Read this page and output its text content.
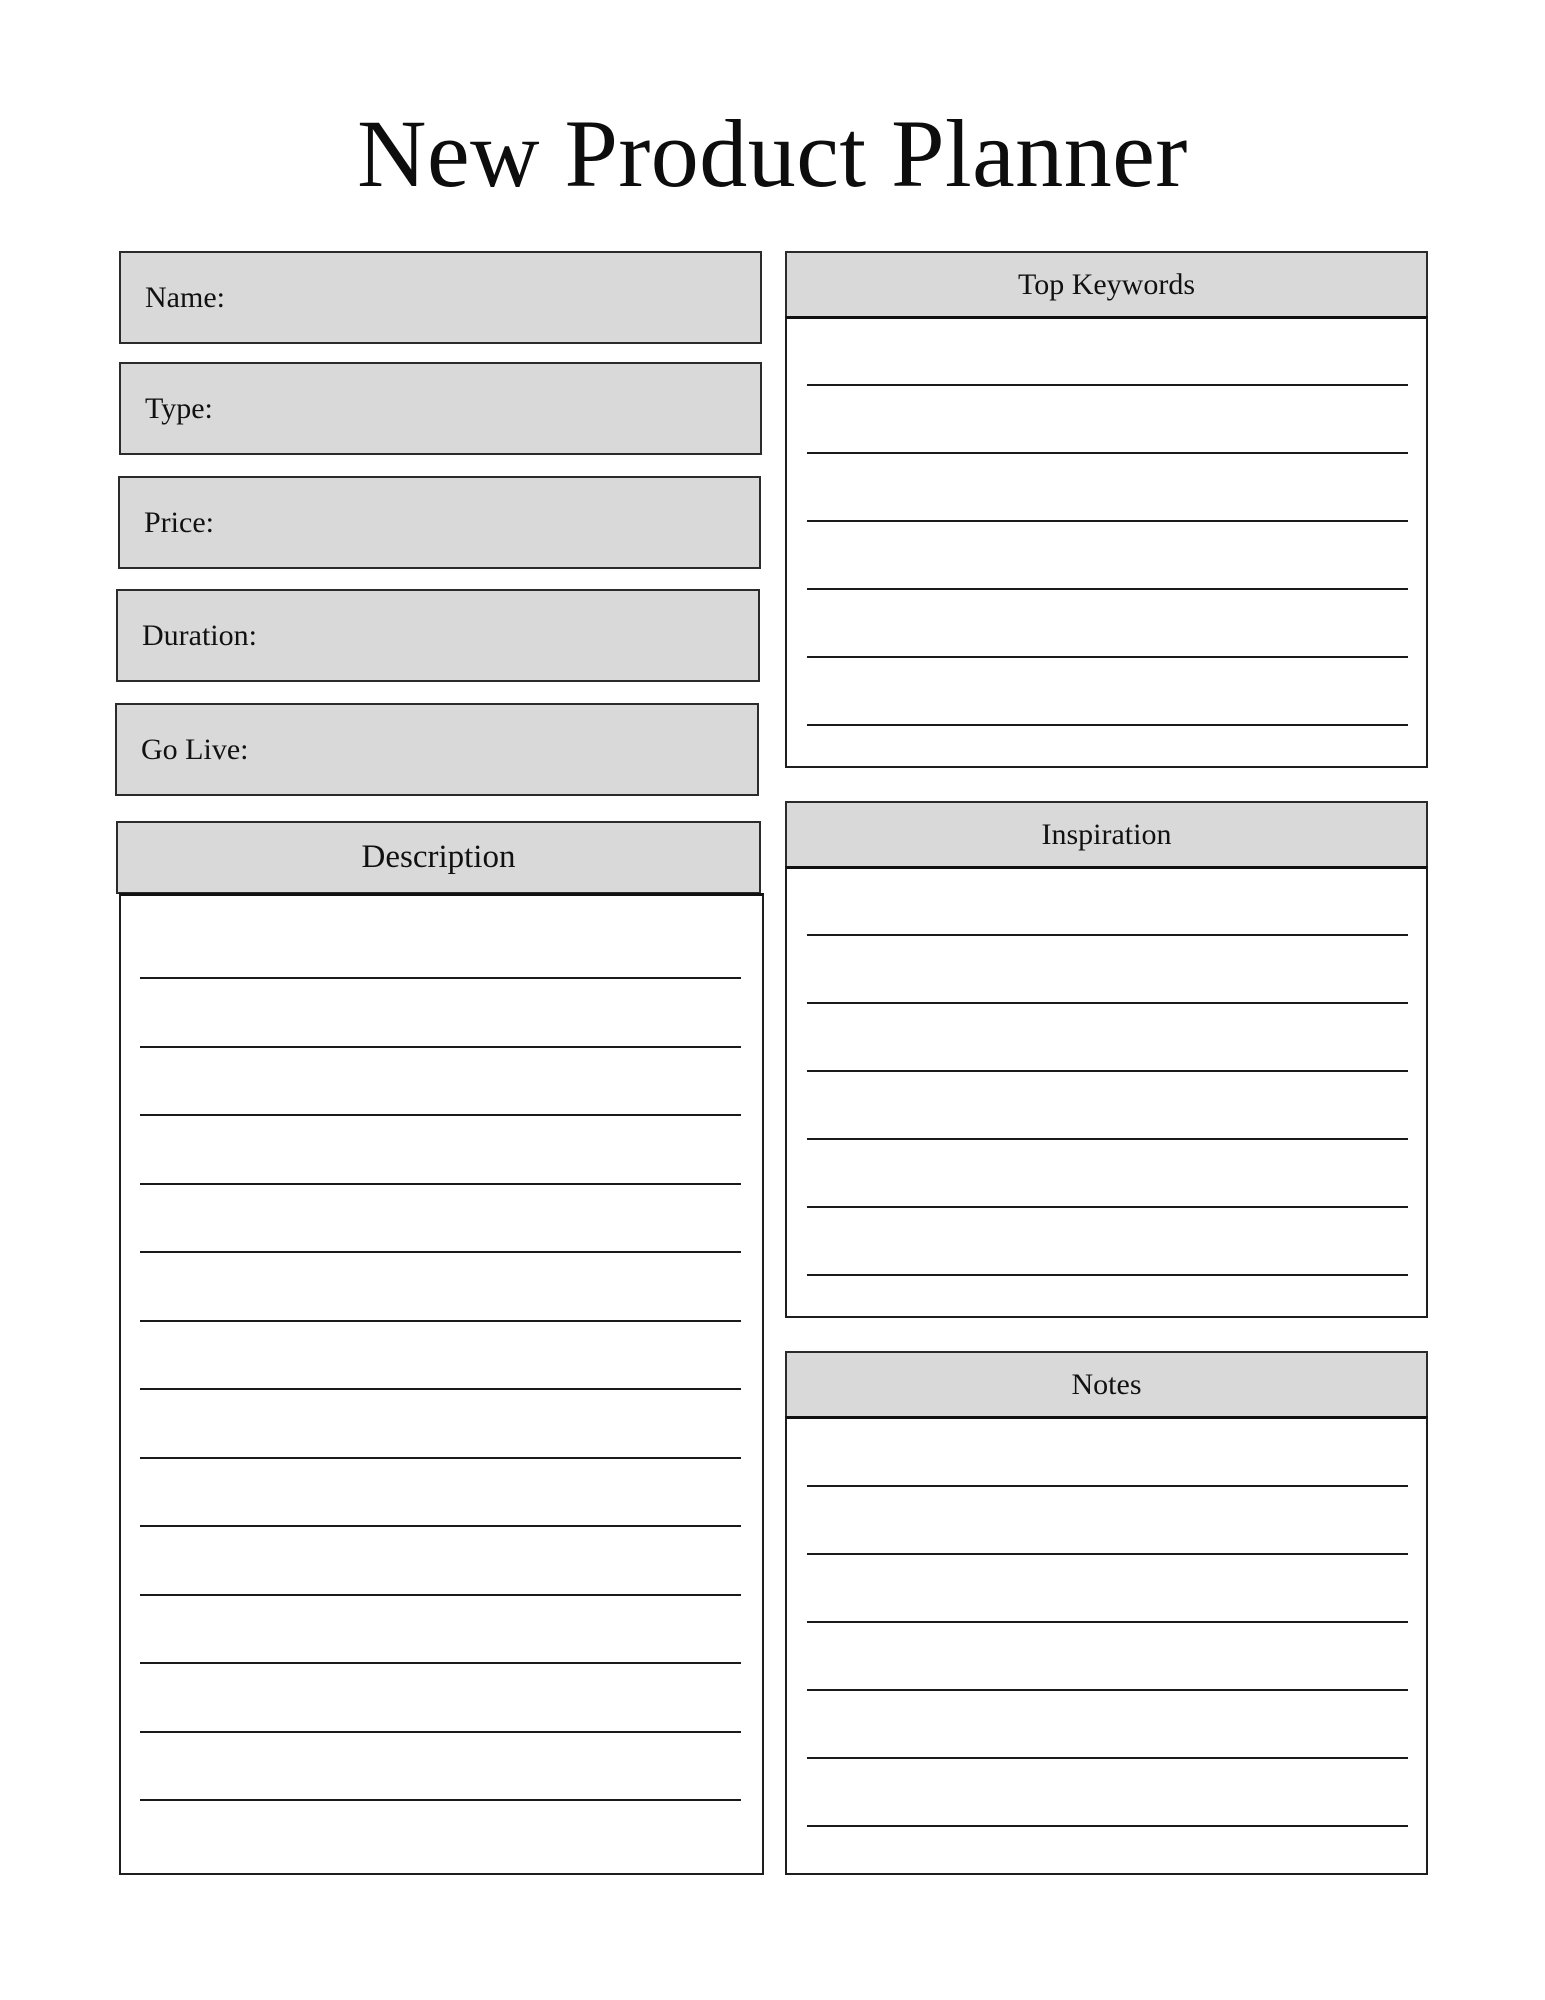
New Product Planner
Name:
Type:
Price:
Duration:
Go Live:
Description
Top Keywords
Inspiration
Notes
